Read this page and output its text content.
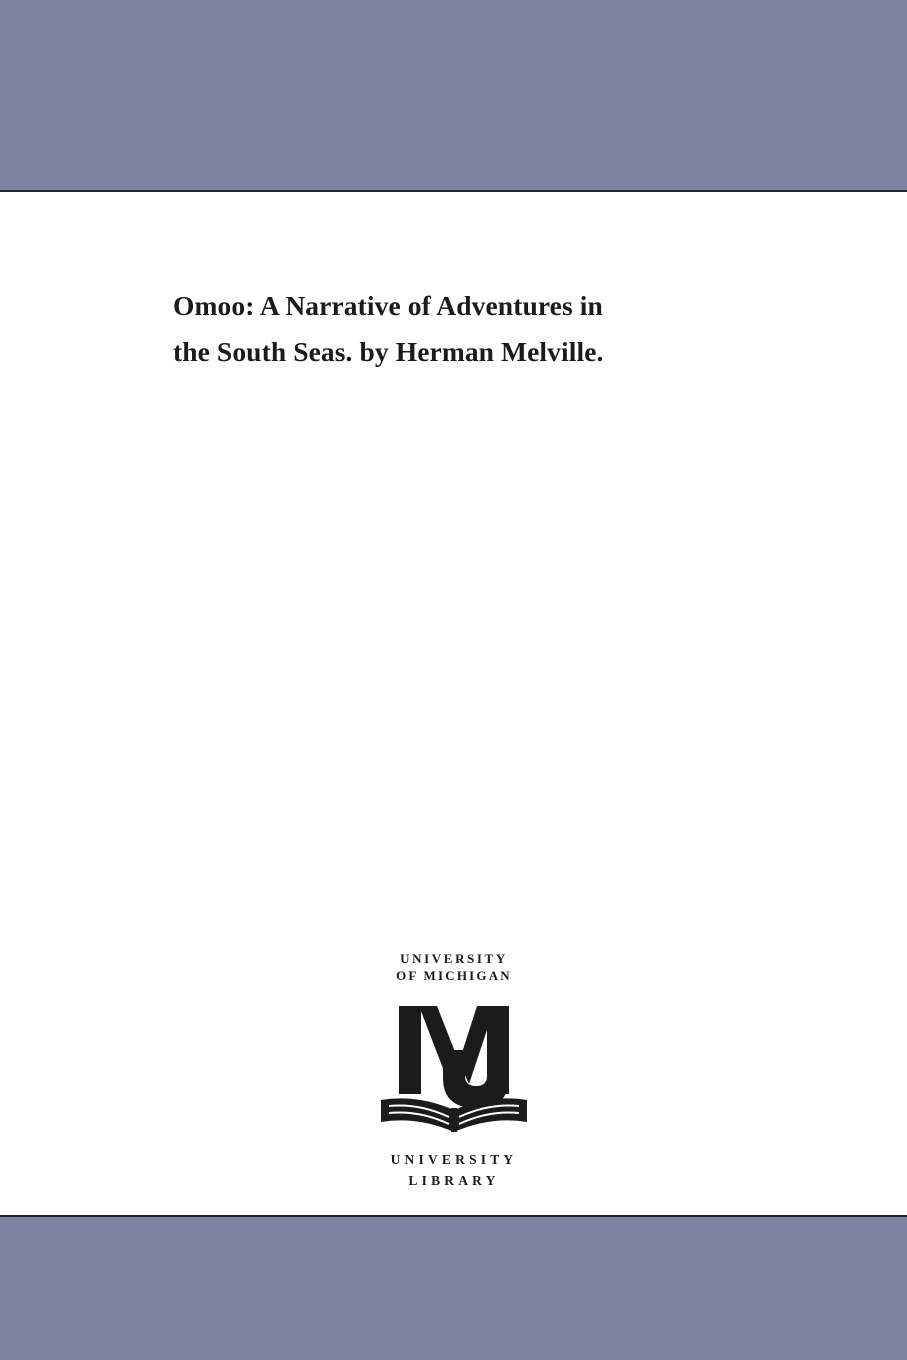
Omoo: A Narrative of Adventures in
the South Seas. by Herman Melville.
UNIVERSITY
OF MICHIGAN
UNIVERSITY
LIBRARY
